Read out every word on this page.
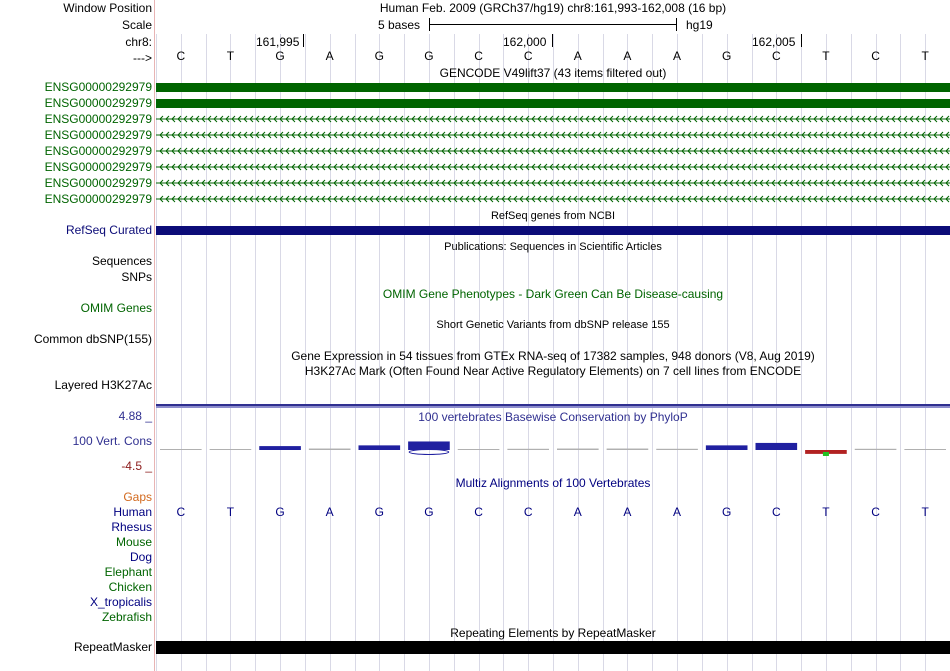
Window Position
Scale
chr8:
--->
ENSG00000292979
ENSG00000292979
ENSG00000292979
ENSG00000292979
ENSG00000292979
ENSG00000292979
ENSG00000292979
ENSG00000292979
RefSeq Curated
Sequences
SNPs
OMIM Genes
Common dbSNP(155)
Layered H3K27Ac
4.88 _
100 Vert. Cons
-4.5 _
Gaps
Human
Rhesus
Mouse
Dog
Elephant
Chicken
X_tropicalis
Zebrafish
RepeatMasker
Human Feb. 2009 (GRCh37/hg19) chr8:161,993-162,008 (16 bp)
5 bases	hg19
161,995	162,000	162,005
C	T	G	A	G	G	C	C	A	A	A	G	C	T	C	T
GENCODE V49lift37 (43 items filtered out)
RefSeq genes from NCBI
Publications: Sequences in Scientific Articles
OMIM Gene Phenotypes - Dark Green Can Be Disease-causing
Short Genetic Variants from dbSNP release 155
Gene Expression in 54 tissues from GTEx RNA-seq of 17382 samples, 948 donors (V8, Aug 2019)
H3K27Ac Mark (Often Found Near Active Regulatory Elements) on 7 cell lines from ENCODE
100 vertebrates Basewise Conservation by PhyloP
Multiz Alignments of 100 Vertebrates
C	T	G	A	G	G	C	C	A	A	A	G	C	T	C	T
Repeating Elements by RepeatMasker
